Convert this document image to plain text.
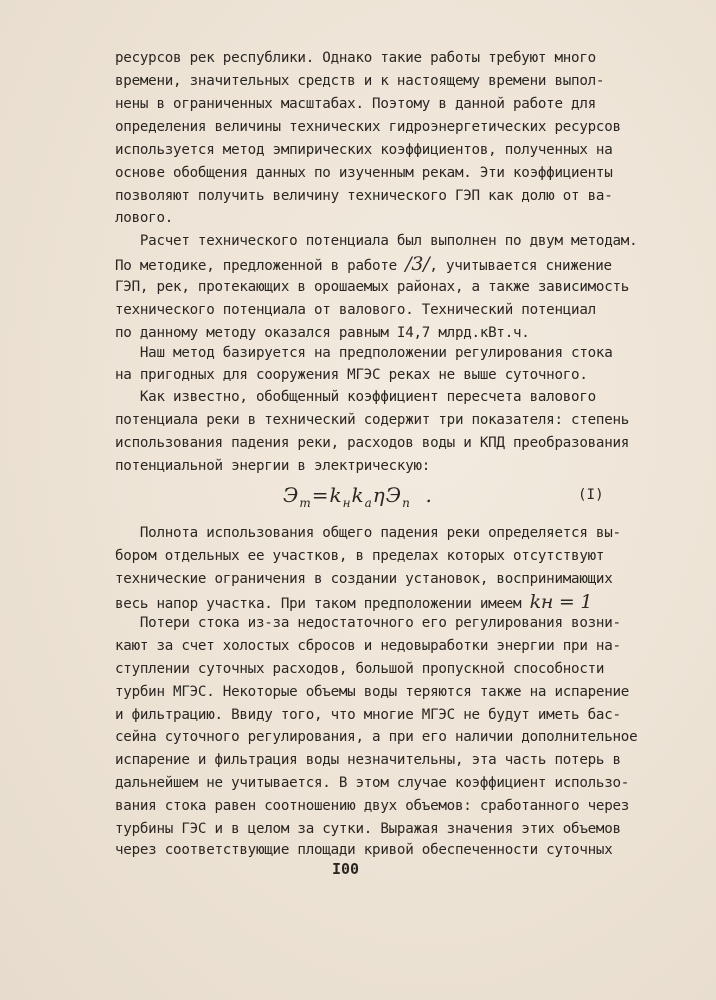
ресурсов рек республики. Однако такие работы требуют много
времени, значительных средств и к настоящему времени выпол-
нены в ограниченных масштабах. Поэтому в данной работе для
определения величины технических гидроэнергетических ресурсов
используется метод эмпирических коэффициентов, полученных на
основе обобщения данных по изученным рекам. Эти коэффициенты
позволяют получить величину технического ГЭП как долю от ва-
лового.
Расчет технического потенциала был выполнен по двум методам.
По методике, предложенной в работе /3/, учитывается снижение
ГЭП, рек, протекающих в орошаемых районах, а также зависимость
технического потенциала от валового. Технический потенциал
по данному методу оказался равным I4,7 млрд.кВт.ч.
Наш метод базируется на предположении регулирования стока
на пригодных для сооружения МГЭС реках не выше суточного.
Как известно, обобщенный коэффициент пересчета валового
потенциала реки в технический содержит три показателя: степень
использования падения реки, расходов воды и КПД преобразования
потенциальной энергии в электрическую:
$Э_т=k_нk_а\eta Э_п$ .	(I)
Полнота использования общего падения реки определяется вы-
бором отдельных ее участков, в пределах которых отсутствуют
технические ограничения в создании установок, воспринимающих
весь напор участка. При таком предположении имеем kн = 1
Потери стока из-за недостаточного его регулирования возни-
кают за счет холостых сбросов и недовыработки энергии при на-
ступлении суточных расходов, большой пропускной способности
турбин МГЭС. Некоторые объемы воды теряются также на испарение
и фильтрацию. Ввиду того, что многие МГЭС не будут иметь бас-
сейна суточного регулирования, а при его наличии дополнительное
испарение и фильтрация воды незначительны, эта часть потерь в
дальнейшем не учитывается. В этом случае коэффициент использо-
вания стока равен соотношению двух объемов: сработанного через
турбины ГЭС и в целом за сутки. Выражая значения этих объемов
через соответствующие площади кривой обеспеченности суточных
I00
